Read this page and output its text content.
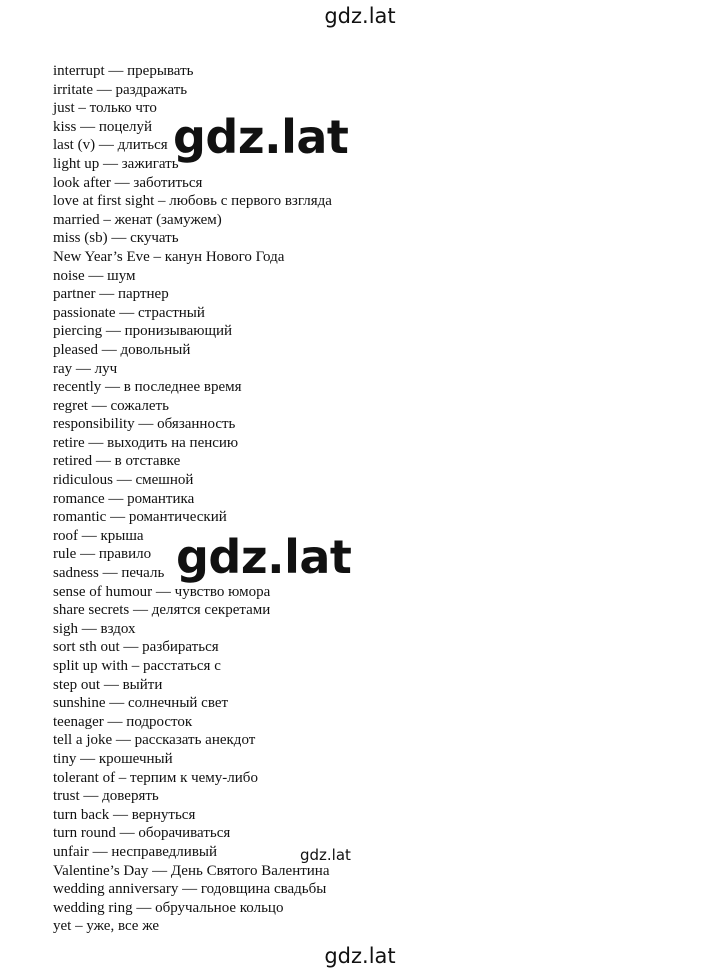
gdz.lat
interrupt — прерывать
irritate — раздражать
just – только что
kiss — поцелуй
last (v) — длиться
light up — зажигать
look after — заботиться
love at first sight – любовь с первого взгляда
married – женат (замужем)
miss (sb) — скучать
New Year’s Eve – канун Нового Года
noise — шум
partner — партнер
passionate — страстный
piercing — пронизывающий
pleased — довольный
ray — луч
recently — в последнее время
regret — сожалеть
responsibility — обязанность
retire — выходить на пенсию
retired — в отставке
ridiculous — смешной
romance — романтика
romantic — романтический
roof — крыша
rule — правило
sadness — печаль
sense of humour — чувство юмора
share secrets — делятся секретами
sigh — вздох
sort sth out — разбираться
split up with – расстаться с
step out — выйти
sunshine — солнечный свет
teenager — подросток
tell a joke — рассказать анекдот
tiny — крошечный
tolerant of – терпим к чему-либо
trust — доверять
turn back — вернуться
turn round — оборачиваться
unfair — несправедливый
Valentine’s Day — День Святого Валентина
wedding anniversary — годовщина свадьбы
wedding ring — обручальное кольцо
yet – уже, все же
gdz.lat
gdz.lat
gdz.lat
gdz.lat
